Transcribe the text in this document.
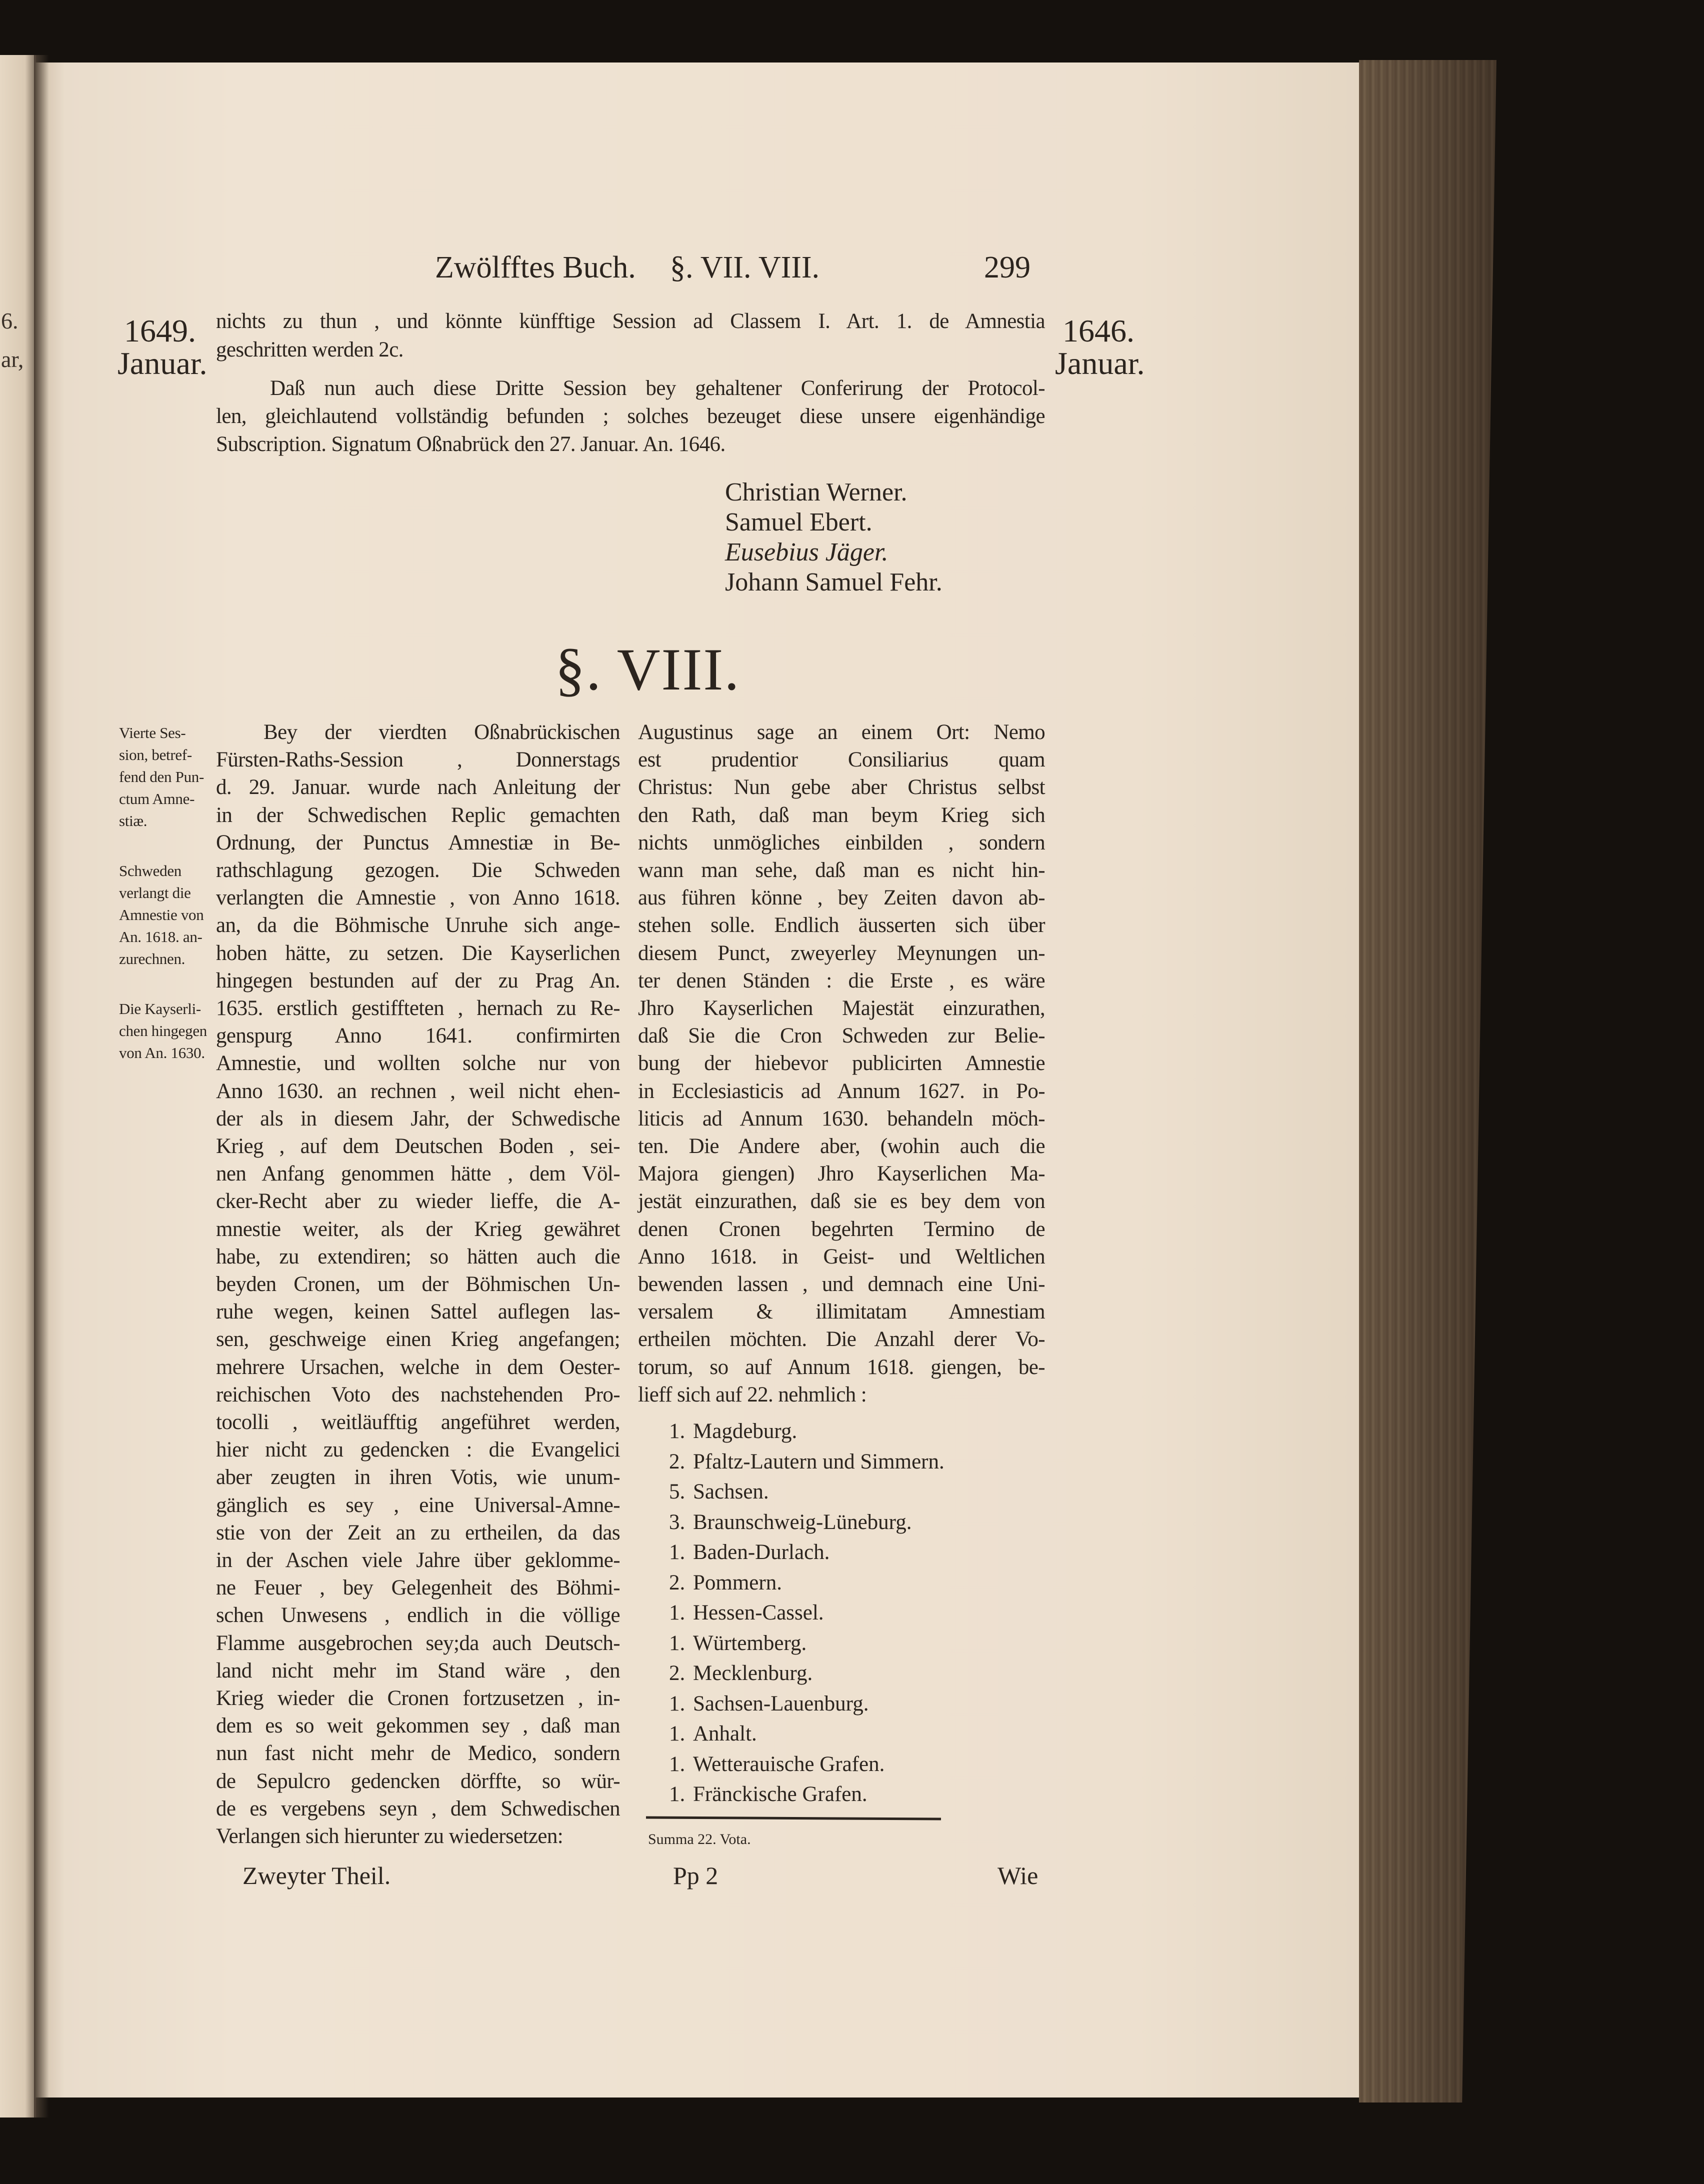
6.
ar,
Zwölfftes Buch. §. VII. VIII.	299
1649.
Januar.
1646.
Januar.
nichts zu thun , und könnte künfftige Session ad Classem I. Art. 1. de Amnestia
geschritten werden 2c.
Daß nun auch diese Dritte Session bey gehaltener Conferirung der Protocol-
len, gleichlautend vollständig befunden ; solches bezeuget diese unsere eigenhändige
Subscription. Signatum Oßnabrück den 27. Januar. An. 1646.
Christian Werner.
Samuel Ebert.
Eusebius Jäger.
Johann Samuel Fehr.
§. VIII.
Summa 22. Vota.
Zweyter Theil.	Pp 2	Wie
Bey der vierdten Oßnabrückischen
Fürsten-Raths-Session , Donnerstags
d. 29. Januar. wurde nach Anleitung der
in der Schwedischen Replic gemachten
Ordnung, der Punctus Amnestiæ in Be-
rathschlagung gezogen. Die Schweden
verlangten die Amnestie , von Anno 1618.
an, da die Böhmische Unruhe sich ange-
hoben hätte, zu setzen. Die Kayserlichen
hingegen bestunden auf der zu Prag An.
1635. erstlich gestiffteten , hernach zu Re-
genspurg Anno 1641. confirmirten
Amnestie, und wollten solche nur von
Anno 1630. an rechnen , weil nicht ehen-
der als in diesem Jahr, der Schwedische
Krieg , auf dem Deutschen Boden , sei-
nen Anfang genommen hätte , dem Völ-
cker-Recht aber zu wieder lieffe, die A-
mnestie weiter, als der Krieg gewähret
habe, zu extendiren; so hätten auch die
beyden Cronen, um der Böhmischen Un-
ruhe wegen, keinen Sattel auflegen las-
sen, geschweige einen Krieg angefangen;
mehrere Ursachen, welche in dem Oester-
reichischen Voto des nachstehenden Pro-
tocolli , weitläufftig angeführet werden,
hier nicht zu gedencken : die Evangelici
aber zeugten in ihren Votis, wie unum-
gänglich es sey , eine Universal-Amne-
stie von der Zeit an zu ertheilen, da das
in der Aschen viele Jahre über geklomme-
ne Feuer , bey Gelegenheit des Böhmi-
schen Unwesens , endlich in die völlige
Flamme ausgebrochen sey;da auch Deutsch-
land nicht mehr im Stand wäre , den
Krieg wieder die Cronen fortzusetzen , in-
dem es so weit gekommen sey , daß man
nun fast nicht mehr de Medico, sondern
de Sepulcro gedencken dörffte, so wür-
de es vergebens seyn , dem Schwedischen
Verlangen sich hierunter zu wiedersetzen:
Augustinus sage an einem Ort: Nemo
est prudentior Consiliarius quam
Christus: Nun gebe aber Christus selbst
den Rath, daß man beym Krieg sich
nichts unmögliches einbilden , sondern
wann man sehe, daß man es nicht hin-
aus führen könne , bey Zeiten davon ab-
stehen solle. Endlich äusserten sich über
diesem Punct, zweyerley Meynungen un-
ter denen Ständen : die Erste , es wäre
Jhro Kayserlichen Majestät einzurathen,
daß Sie die Cron Schweden zur Belie-
bung der hiebevor publicirten Amnestie
in Ecclesiasticis ad Annum 1627. in Po-
liticis ad Annum 1630. behandeln möch-
ten. Die Andere aber, (wohin auch die
Majora giengen) Jhro Kayserlichen Ma-
jestät einzurathen, daß sie es bey dem von
denen Cronen begehrten Termino de
Anno 1618. in Geist- und Weltlichen
bewenden lassen , und demnach eine Uni-
versalem & illimitatam Amnestiam
ertheilen möchten. Die Anzahl derer Vo-
torum, so auf Annum 1618. giengen, be-
lieff sich auf 22. nehmlich :
Vierte Ses-
sion, betref-
fend den Pun-
ctum Amne-
stiæ.
Schweden
verlangt die
Amnestie von
An. 1618. an-
zurechnen.
Die Kayserli-
chen hingegen
von An. 1630.
1. Magdeburg.
2. Pfaltz-Lautern und Simmern.
5. Sachsen.
3. Braunschweig-Lüneburg.
1. Baden-Durlach.
2. Pommern.
1. Hessen-Cassel.
1. Würtemberg.
2. Mecklenburg.
1. Sachsen-Lauenburg.
1. Anhalt.
1. Wetterauische Grafen.
1. Fränckische Grafen.
